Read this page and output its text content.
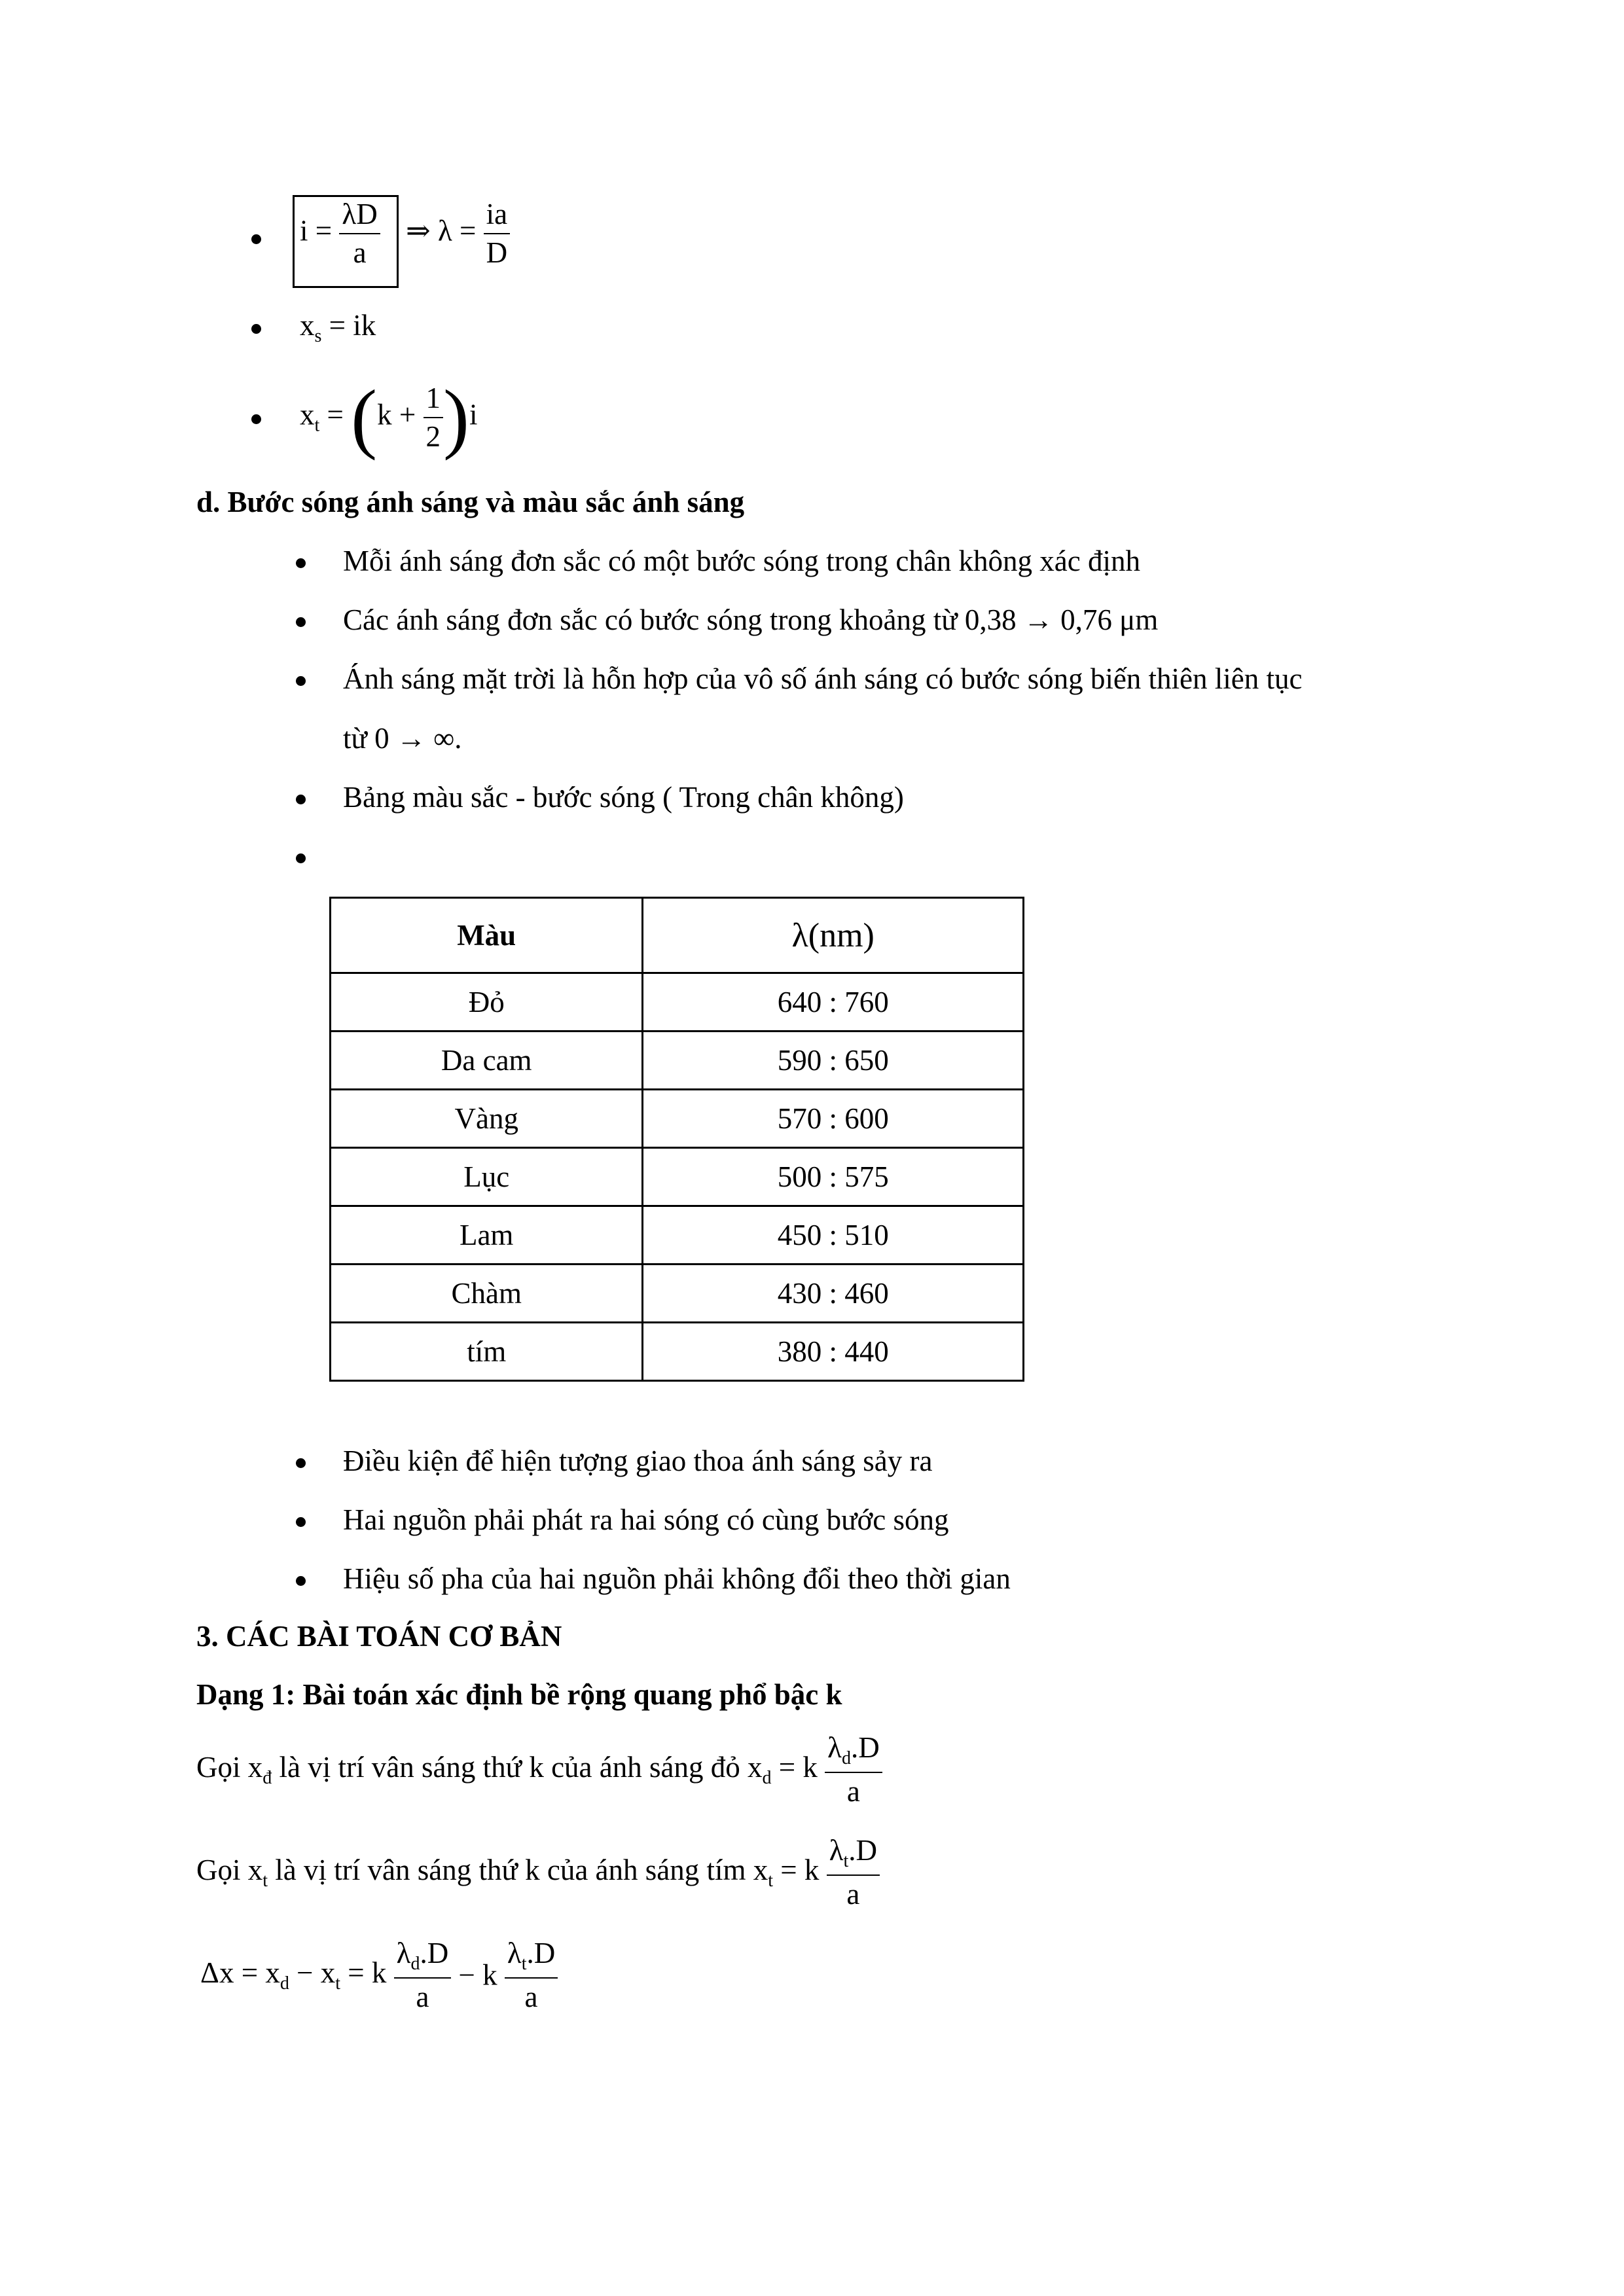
$i = \frac{\lambda D}{a}$ ⇒ $\lambda = \frac{ia}{D}$
$x_s$ = ik
$x_t = (k + \frac{1}{2} )i$
d. Bước sóng ánh sáng và màu sắc ánh sáng
Mỗi ánh sáng đơn sắc có một bước sóng trong chân không xác định
Các ánh sáng đơn sắc có bước sóng trong khoảng từ 0,38 → 0,76 μm
Ánh sáng mặt trời là hỗn hợp của vô số ánh sáng có bước sóng biến thiên liên tục
từ 0 → ∞.
Bảng màu sắc - bước sóng ( Trong chân không)
Màu	λ(nm)
Đỏ	640 : 760
Da cam	590 : 650
Vàng	570 : 600
Lục	500 : 575
Lam	450 : 510
Chàm	430 : 460
tím	380 : 440
Điều kiện để hiện tượng giao thoa ánh sáng sảy ra
Hai nguồn phải phát ra hai sóng có cùng bước sóng
Hiệu số pha của hai nguồn phải không đổi theo thời gian
3. CÁC BÀI TOÁN CƠ BẢN
Dạng 1: Bài toán xác định bề rộng quang phổ bậc k
Gọi $x_đ$ là vị trí vân sáng thứ k của ánh sáng đỏ $x_d = k \frac{\lambda_d.D}{a}$
Gọi $x_t$ là vị trí vân sáng thứ k của ánh sáng tím $x_t = k \frac{\lambda_t.D}{a}$
$\Delta x = x_d - x_t = k \frac{\lambda_d.D}{a} - k \frac{\lambda_t.D}{a}$
